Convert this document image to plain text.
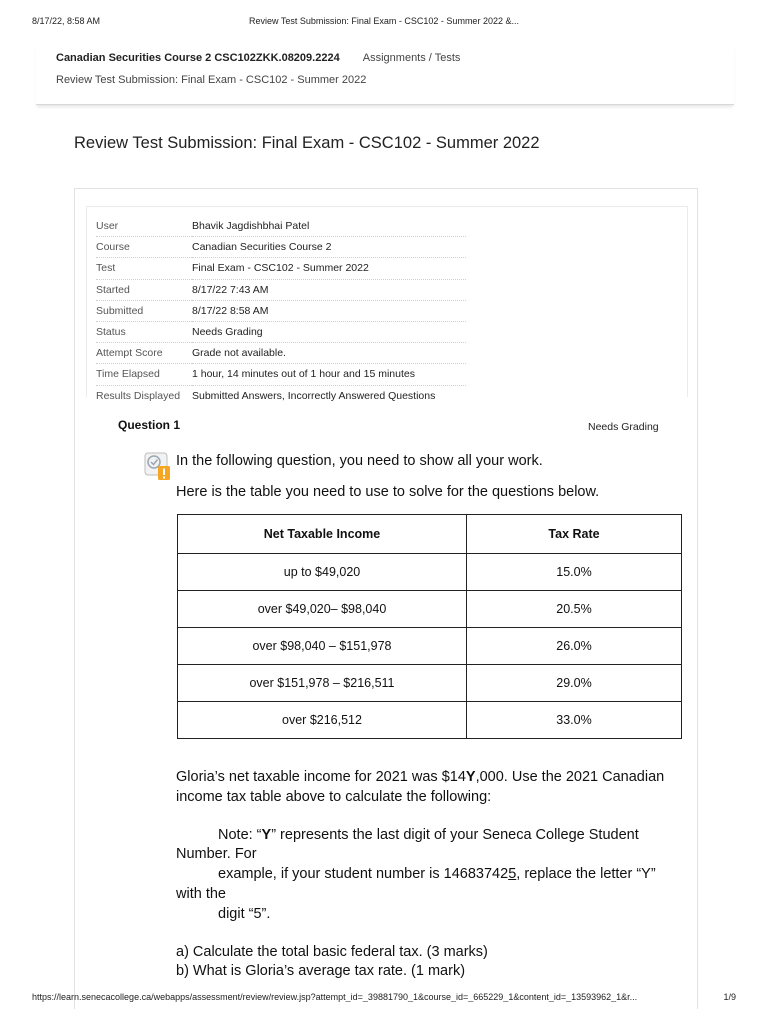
8/17/22, 8:58 AM	Review Test Submission: Final Exam - CSC102 - Summer 2022 &...
Canadian Securities Course 2 CSC102ZKK.08209.2224 Assignments / Tests
Review Test Submission: Final Exam - CSC102 - Summer 2022
Review Test Submission: Final Exam - CSC102 - Summer 2022
User	Bhavik Jagdishbhai Patel
Course	Canadian Securities Course 2
Test	Final Exam - CSC102 - Summer 2022
Started	8/17/22 7:43 AM
Submitted	8/17/22 8:58 AM
Status	Needs Grading
Attempt Score	Grade not available.
Time Elapsed	1 hour, 14 minutes out of 1 hour and 15 minutes
Results Displayed	Submitted Answers, Incorrectly Answered Questions
Question 1	Needs Grading
In the following question, you need to show all your work.
Here is the table you need to use to solve for the questions below.
Net Taxable Income	Tax Rate
up to $49,020	15.0%
over $49,020– $98,040	20.5%
over $98,040 – $151,978	26.0%
over $151,978 – $216,511	29.0%
over $216,512	33.0%
Gloria’s net taxable income for 2021 was $14Y,000. Use the 2021 Canadian
income tax table above to calculate the following:
Note: “Y” represents the last digit of your Seneca College Student
Number. For
example, if your student number is 146837425, replace the letter “Y”
with the
digit “5”.
a) Calculate the total basic federal tax. (3 marks)
b) What is Gloria’s average tax rate. (1 mark)
https://learn.senecacollege.ca/webapps/assessment/review/review.jsp?attempt_id=_39881790_1&course_id=_665229_1&content_id=_13593962_1&r...	1/9
